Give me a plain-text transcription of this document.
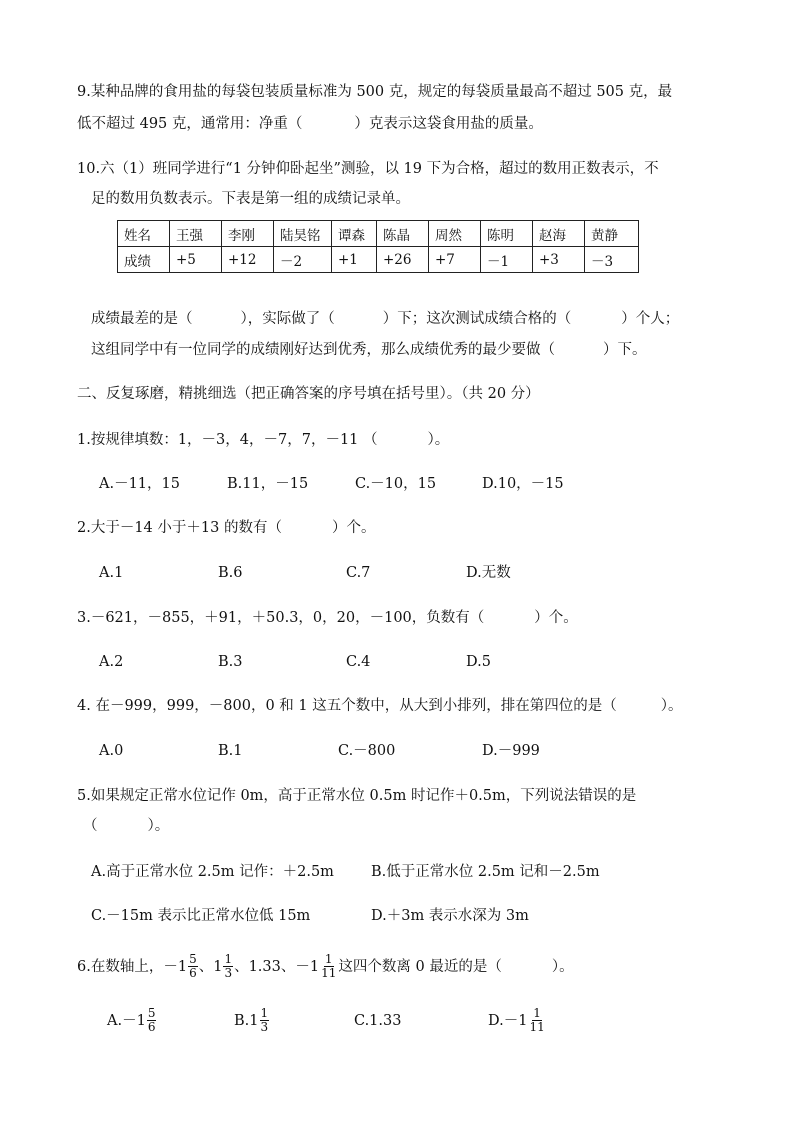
9.某种品牌的食用盐的每袋包装质量标准为 500 克，规定的每袋质量最高不超过 505 克，最
低不超过 495 克，通常用：净重（	）克表示这袋食用盐的质量。
10.六（1）班同学进行“1 分钟仰卧起坐”测验，以 19 下为合格，超过的数用正数表示，不
足的数用负数表示。下表是第一组的成绩记录单。
姓名	王强	李刚	陆昊铭	谭森	陈晶	周然	陈明	赵海	黄静
成绩	+5	+12	－2	+1	+26	+7	－1	+3	－3
成绩最差的是（	），实际做了（	）下；这次测试成绩合格的（	）个人；
这组同学中有一位同学的成绩刚好达到优秀，那么成绩优秀的最少要做（	）下。
二、反复琢磨，精挑细选（把正确答案的序号填在括号里）。（共 20 分）
1.按规律填数：1，－3，4，－7，7，－11 （	）。
A.－11，15	B.11，－15	C.－10，15	D.10，－15
2.大于－14 小于＋13 的数有（	）个。
A.1	B.6	C.7	D.无数
3.－621，－855，＋91，＋50.3，0，20，－100，负数有（	）个。
A.2	B.3	C.4	D.5
4. 在－999，999，－800，0 和 1 这五个数中，从大到小排列，排在第四位的是（	）。
A.0	B.1	C.－800	D.－999
5.如果规定正常水位记作 0m，高于正常水位 0.5m 时记作＋0.5m，下列说法错误的是
（	）。
A.高于正常水位 2.5m 记作：＋2.5m	B.低于正常水位 2.5m 记和－2.5m
C.－15m 表示比正常水位低 15m	D.＋3m 表示水深为 3m
6.在数轴上，$-1 \frac{5}{6}$ 、$1 \frac{1}{3}$ 、1.33、$-1 \frac{1}{11}$ 这四个数离 0 最近的是（	）。
$A.-1 \frac{5}{6}$	$B.1 \frac{1}{3}$	C.1.33	$D.-1 \frac{1}{11}$
